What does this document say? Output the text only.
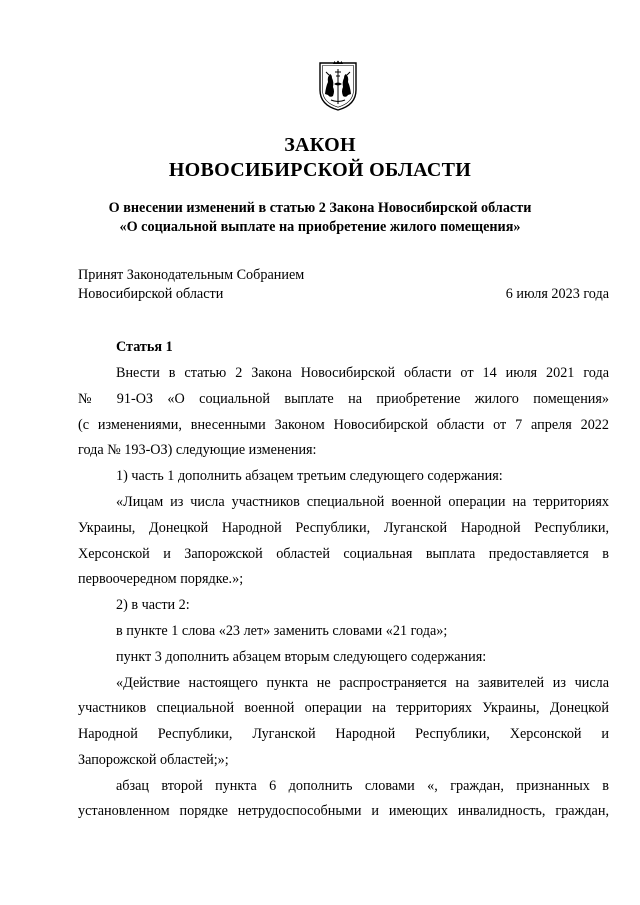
ЗАКОН
НОВОСИБИРСКОЙ ОБЛАСТИ
О внесении изменений в статью 2 Закона Новосибирской области
«О социальной выплате на приобретение жилого помещения»
Принят Законодательным Собранием
Новосибирской области	6 июля 2023 года
Статья 1
Внести в статью 2 Закона Новосибирской области от 14 июля 2021 года
№ 91-ОЗ «О социальной выплате на приобретение жилого помещения»
(с изменениями, внесенными Законом Новосибирской области от 7 апреля 2022
года № 193-ОЗ) следующие изменения:
1) часть 1 дополнить абзацем третьим следующего содержания:
«Лицам из числа участников специальной военной операции на территориях
Украины, Донецкой Народной Республики, Луганской Народной Республики,
Херсонской и Запорожской областей социальная выплата предоставляется в
первоочередном порядке.»;
2) в части 2:
в пункте 1 слова «23 лет» заменить словами «21 года»;
пункт 3 дополнить абзацем вторым следующего содержания:
«Действие настоящего пункта не распространяется на заявителей из числа
участников специальной военной операции на территориях Украины, Донецкой
Народной Республики, Луганской Народной Республики, Херсонской и
Запорожской областей;»;
абзац второй пункта 6 дополнить словами «, граждан, признанных в
установленном порядке нетрудоспособными и имеющих инвалидность, граждан,
